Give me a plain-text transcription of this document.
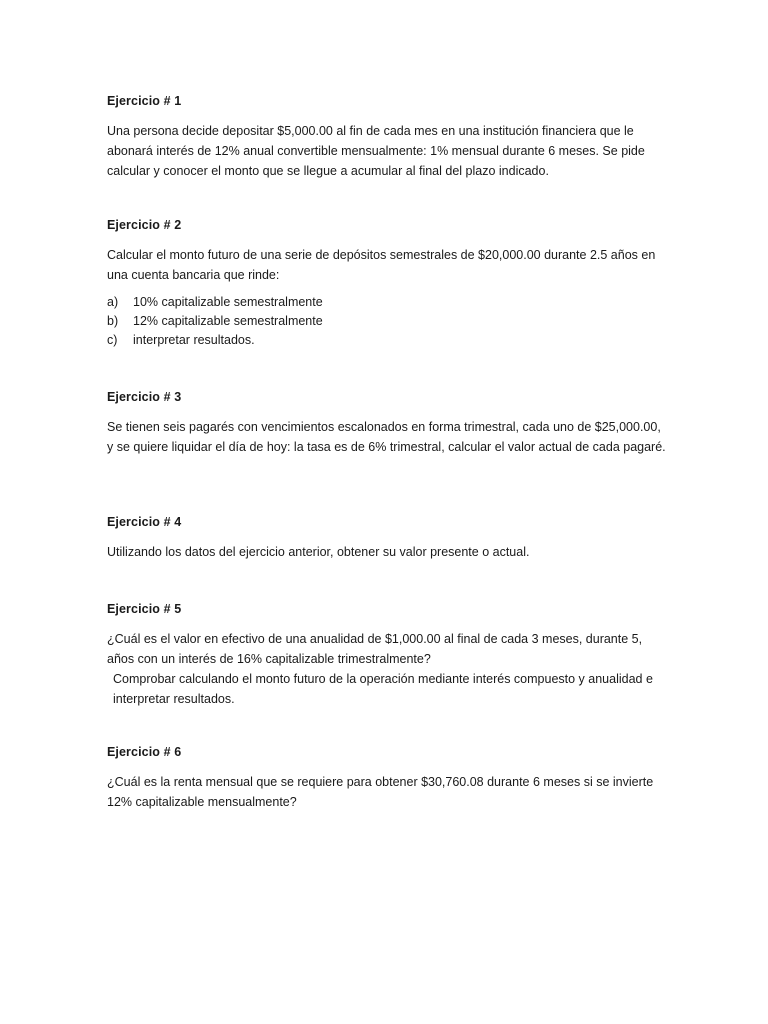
Ejercicio # 1

Una persona decide depositar $5,000.00 al fin de cada mes en una institución financiera que le abonará interés de 12% anual convertible mensualmente: 1% mensual durante 6 meses. Se pide calcular y conocer el monto que se llegue a acumular al final del plazo indicado.

Ejercicio # 2

Calcular el monto futuro de una serie de depósitos semestrales de $20,000.00 durante 2.5 años en una cuenta bancaria que rinde:

a)	10% capitalizable semestralmente
b)	12% capitalizable semestralmente
c)	interpretar resultados.
Ejercicio # 3

Se tienen seis pagarés con vencimientos escalonados en forma trimestral, cada uno de $25,000.00, y se quiere liquidar el día de hoy: la tasa es de 6% trimestral, calcular el valor actual de cada pagaré.

Ejercicio # 4

Utilizando los datos del ejercicio anterior, obtener su valor presente o actual.

Ejercicio # 5

¿Cuál es el valor en efectivo de una anualidad de $1,000.00 al final de cada 3 meses, durante 5, años con un interés de 16% capitalizable trimestralmente?

Comprobar calculando el monto futuro de la operación mediante interés compuesto y anualidad e interpretar resultados.

Ejercicio # 6

¿Cuál es la renta mensual que se requiere para obtener $30,760.08 durante 6 meses si se invierte 12% capitalizable mensualmente?
